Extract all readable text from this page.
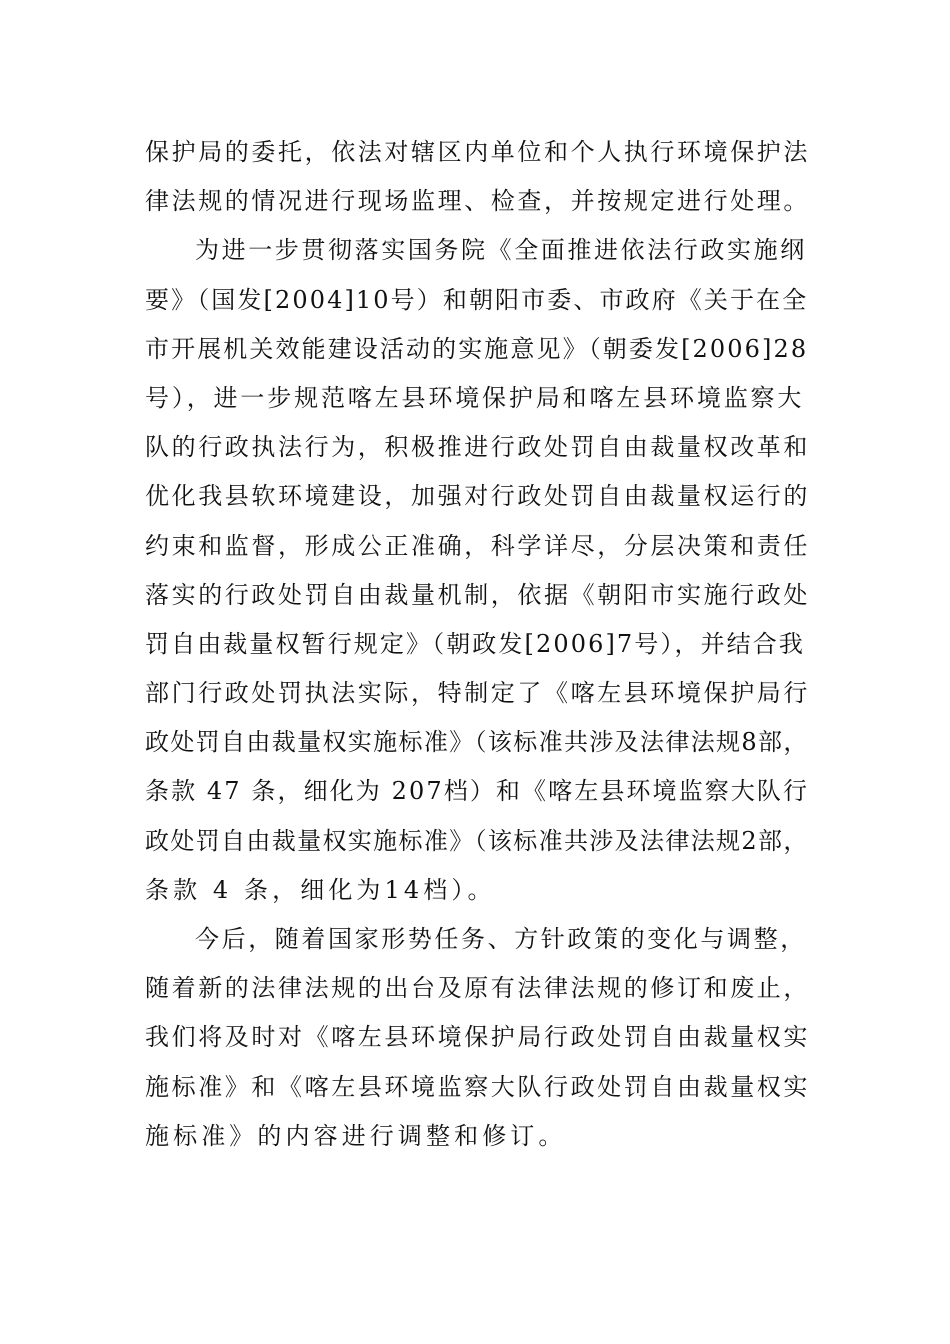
保护局的委托，依法对辖区内单位和个人执行环境保护法
律法规的情况进行现场监理、检查，并按规定进行处理。
为进一步贯彻落实国务院《全面推进依法行政实施纲
要》（国发[2004]10号）和朝阳市委、市政府《关于在全
市开展机关效能建设活动的实施意见》（朝委发[2006]28
号），进一步规范喀左县环境保护局和喀左县环境监察大
队的行政执法行为，积极推进行政处罚自由裁量权改革和
优化我县软环境建设，加强对行政处罚自由裁量权运行的
约束和监督，形成公正准确，科学详尽，分层决策和责任
落实的行政处罚自由裁量机制，依据《朝阳市实施行政处
罚自由裁量权暂行规定》（朝政发[2006]7号），并结合我
部门行政处罚执法实际，特制定了《喀左县环境保护局行
政处罚自由裁量权实施标准》（该标准共涉及法律法规8部，
条款 47 条，细化为 207档）和《喀左县环境监察大队行
政处罚自由裁量权实施标准》（该标准共涉及法律法规2部，
条款 4 条，细化为14档）。
今后，随着国家形势任务、方针政策的变化与调整，
随着新的法律法规的出台及原有法律法规的修订和废止，
我们将及时对《喀左县环境保护局行政处罚自由裁量权实
施标准》和《喀左县环境监察大队行政处罚自由裁量权实
施标准》的内容进行调整和修订。
